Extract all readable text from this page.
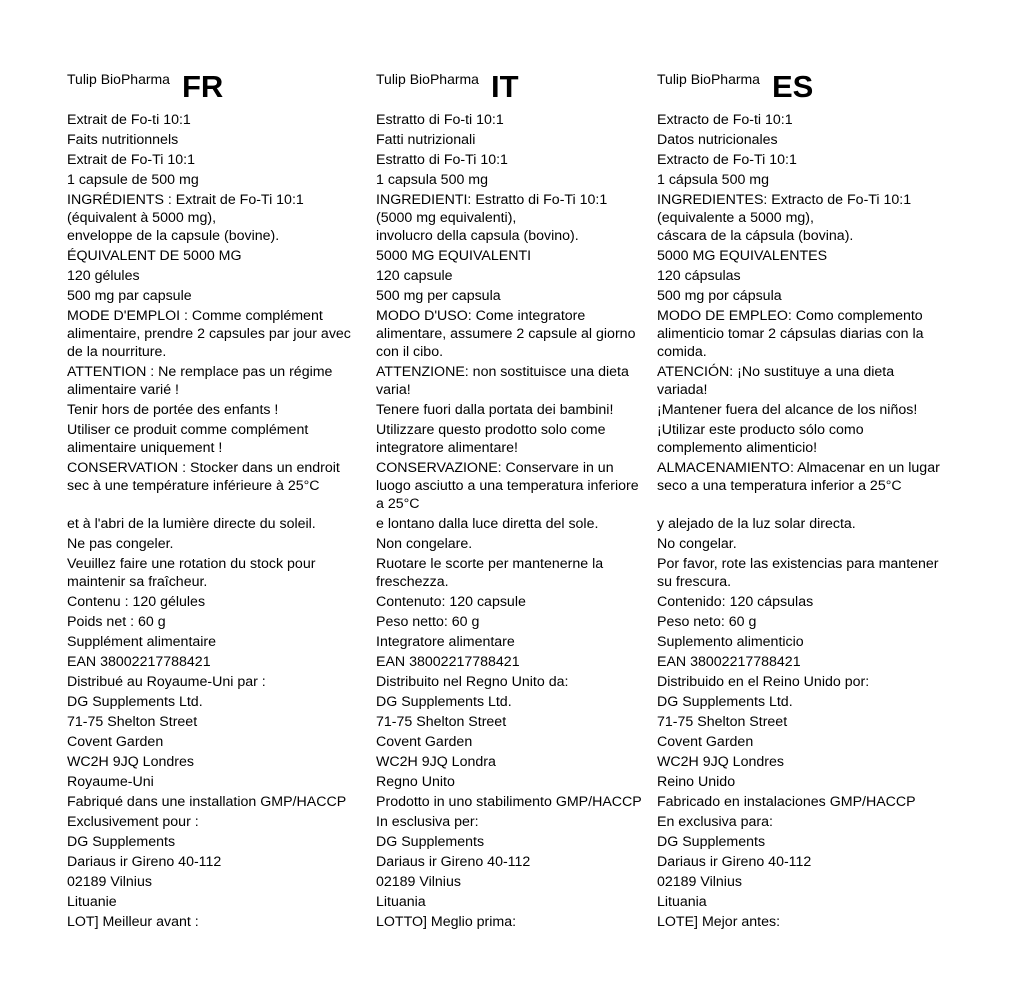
Tulip BioPharma FR
Extrait de Fo-ti 10:1
Faits nutritionnels
Extrait de Fo-Ti 10:1
1 capsule de 500 mg
INGRÉDIENTS : Extrait de Fo-Ti 10:1
(équivalent à 5000 mg),
enveloppe de la capsule (bovine).
ÉQUIVALENT DE 5000 MG
120 gélules
500 mg par capsule
MODE D'EMPLOI : Comme complément
alimentaire, prendre 2 capsules par jour avec
de la nourriture.
ATTENTION : Ne remplace pas un régime
alimentaire varié !
Tenir hors de portée des enfants !
Utiliser ce produit comme complément
alimentaire uniquement !
CONSERVATION : Stocker dans un endroit
sec à une température inférieure à 25°C
et à l'abri de la lumière directe du soleil.
Ne pas congeler.
Veuillez faire une rotation du stock pour
maintenir sa fraîcheur.
Contenu : 120 gélules
Poids net : 60 g
Supplément alimentaire
EAN 38002217788421
Distribué au Royaume-Uni par :
DG Supplements Ltd.
71-75 Shelton Street
Covent Garden
WC2H 9JQ Londres
Royaume-Uni
Fabriqué dans une installation GMP/HACCP
Exclusivement pour :
DG Supplements
Dariaus ir Gireno 40-112
02189 Vilnius
Lituanie
LOT] Meilleur avant :
Tulip BioPharma IT
Estratto di Fo-ti 10:1
Fatti nutrizionali
Estratto di Fo-Ti 10:1
1 capsula 500 mg
INGREDIENTI: Estratto di Fo-Ti 10:1
(5000 mg equivalenti),
involucro della capsula (bovino).
5000 MG EQUIVALENTI
120 capsule
500 mg per capsula
MODO D'USO: Come integratore
alimentare, assumere 2 capsule al giorno
con il cibo.
ATTENZIONE: non sostituisce una dieta
varia!
Tenere fuori dalla portata dei bambini!
Utilizzare questo prodotto solo come
integratore alimentare!
CONSERVAZIONE: Conservare in un
luogo asciutto a una temperatura inferiore
a 25°C
e lontano dalla luce diretta del sole.
Non congelare.
Ruotare le scorte per mantenerne la
freschezza.
Contenuto: 120 capsule
Peso netto: 60 g
Integratore alimentare
EAN 38002217788421
Distribuito nel Regno Unito da:
DG Supplements Ltd.
71-75 Shelton Street
Covent Garden
WC2H 9JQ Londra
Regno Unito
Prodotto in uno stabilimento GMP/HACCP
In esclusiva per:
DG Supplements
Dariaus ir Gireno 40-112
02189 Vilnius
Lituania
LOTTO] Meglio prima:
Tulip BioPharma ES
Extracto de Fo-ti 10:1
Datos nutricionales
Extracto de Fo-Ti 10:1
1 cápsula 500 mg
INGREDIENTES: Extracto de Fo-Ti 10:1
(equivalente a 5000 mg),
cáscara de la cápsula (bovina).
5000 MG EQUIVALENTES
120 cápsulas
500 mg por cápsula
MODO DE EMPLEO: Como complemento
alimenticio tomar 2 cápsulas diarias con la
comida.
ATENCIÓN: ¡No sustituye a una dieta
variada!
¡Mantener fuera del alcance de los niños!
¡Utilizar este producto sólo como
complemento alimenticio!
ALMACENAMIENTO: Almacenar en un lugar
seco a una temperatura inferior a 25°C
y alejado de la luz solar directa.
No congelar.
Por favor, rote las existencias para mantener
su frescura.
Contenido: 120 cápsulas
Peso neto: 60 g
Suplemento alimenticio
EAN 38002217788421
Distribuido en el Reino Unido por:
DG Supplements Ltd.
71-75 Shelton Street
Covent Garden
WC2H 9JQ Londres
Reino Unido
Fabricado en instalaciones GMP/HACCP
En exclusiva para:
DG Supplements
Dariaus ir Gireno 40-112
02189 Vilnius
Lituania
LOTE] Mejor antes:
